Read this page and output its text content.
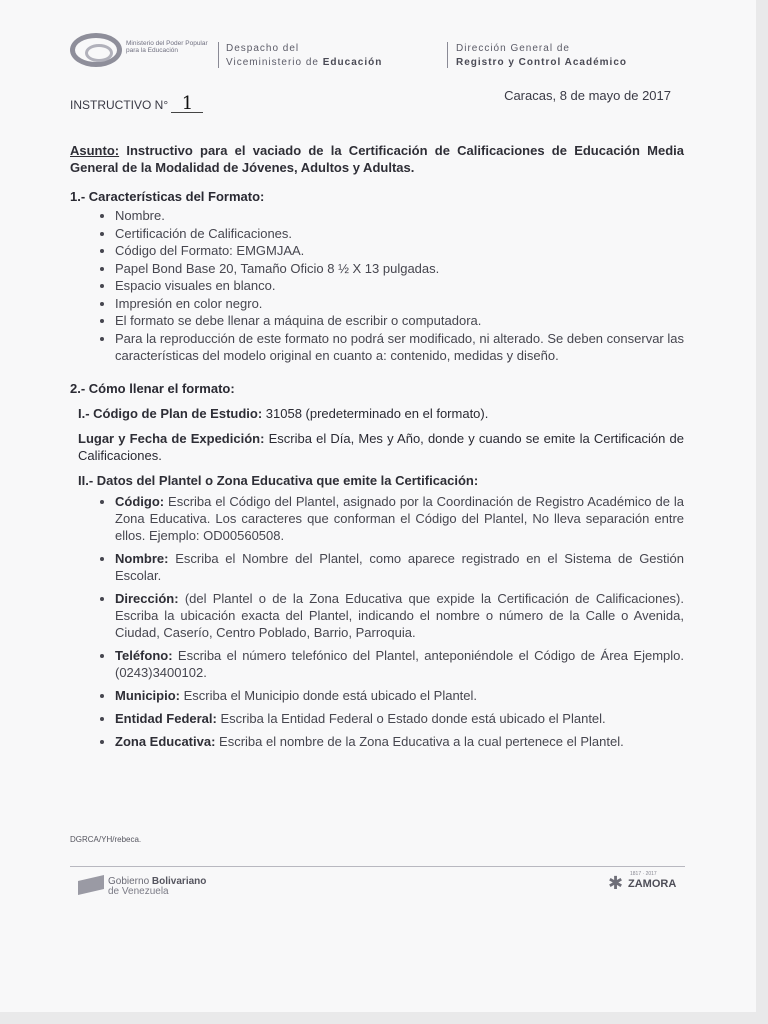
Ministerio del Poder Popular para la Educación	Despacho del
Viceministerio de Educación
Dirección General de
Registro y Control Académico
Caracas, 8 de mayo de 2017
INSTRUCTIVO N° 1

Asunto: Instructivo para el vaciado de la Certificación de Calificaciones de Educación Media General de la Modalidad de Jóvenes, Adultos y Adultas.

1.- Características del Formato:

• Nombre.
• Certificación de Calificaciones.
• Código del Formato: EMGMJAA.
• Papel Bond Base 20, Tamaño Oficio 8 ½ X 13 pulgadas.
• Espacio visuales en blanco.
• Impresión en color negro.
• El formato se debe llenar a máquina de escribir o computadora.
• Para la reproducción de este formato no podrá ser modificado, ni alterado. Se deben conservar las características del modelo original en cuanto a: contenido, medidas y diseño.

2.- Cómo llenar el formato:

I.- Código de Plan de Estudio: 31058 (predeterminado en el formato).

Lugar y Fecha de Expedición: Escriba el Día, Mes y Año, donde y cuando se emite la Certificación de Calificaciones.

II.- Datos del Plantel o Zona Educativa que emite la Certificación:

• Código: Escriba el Código del Plantel, asignado por la Coordinación de Registro Académico de la Zona Educativa. Los caracteres que conforman el Código del Plantel, No lleva separación entre ellos. Ejemplo: OD00560508.
• Nombre: Escriba el Nombre del Plantel, como aparece registrado en el Sistema de Gestión Escolar.
• Dirección: (del Plantel o de la Zona Educativa que expide la Certificación de Calificaciones). Escriba la ubicación exacta del Plantel, indicando el nombre o número de la Calle o Avenida, Ciudad, Caserío, Centro Poblado, Barrio, Parroquia.
• Teléfono: Escriba el número telefónico del Plantel, anteponiéndole el Código de Área Ejemplo. (0243)3400102.
• Municipio: Escriba el Municipio donde está ubicado el Plantel.
• Entidad Federal: Escriba la Entidad Federal o Estado donde está ubicado el Plantel.
• Zona Educativa: Escriba el nombre de la Zona Educativa a la cual pertenece el Plantel.
DGRCA/YH/rebeca.
Gobierno Bolivariano
de Venezuela	✱ 1817 · 2017
ZAMORA
